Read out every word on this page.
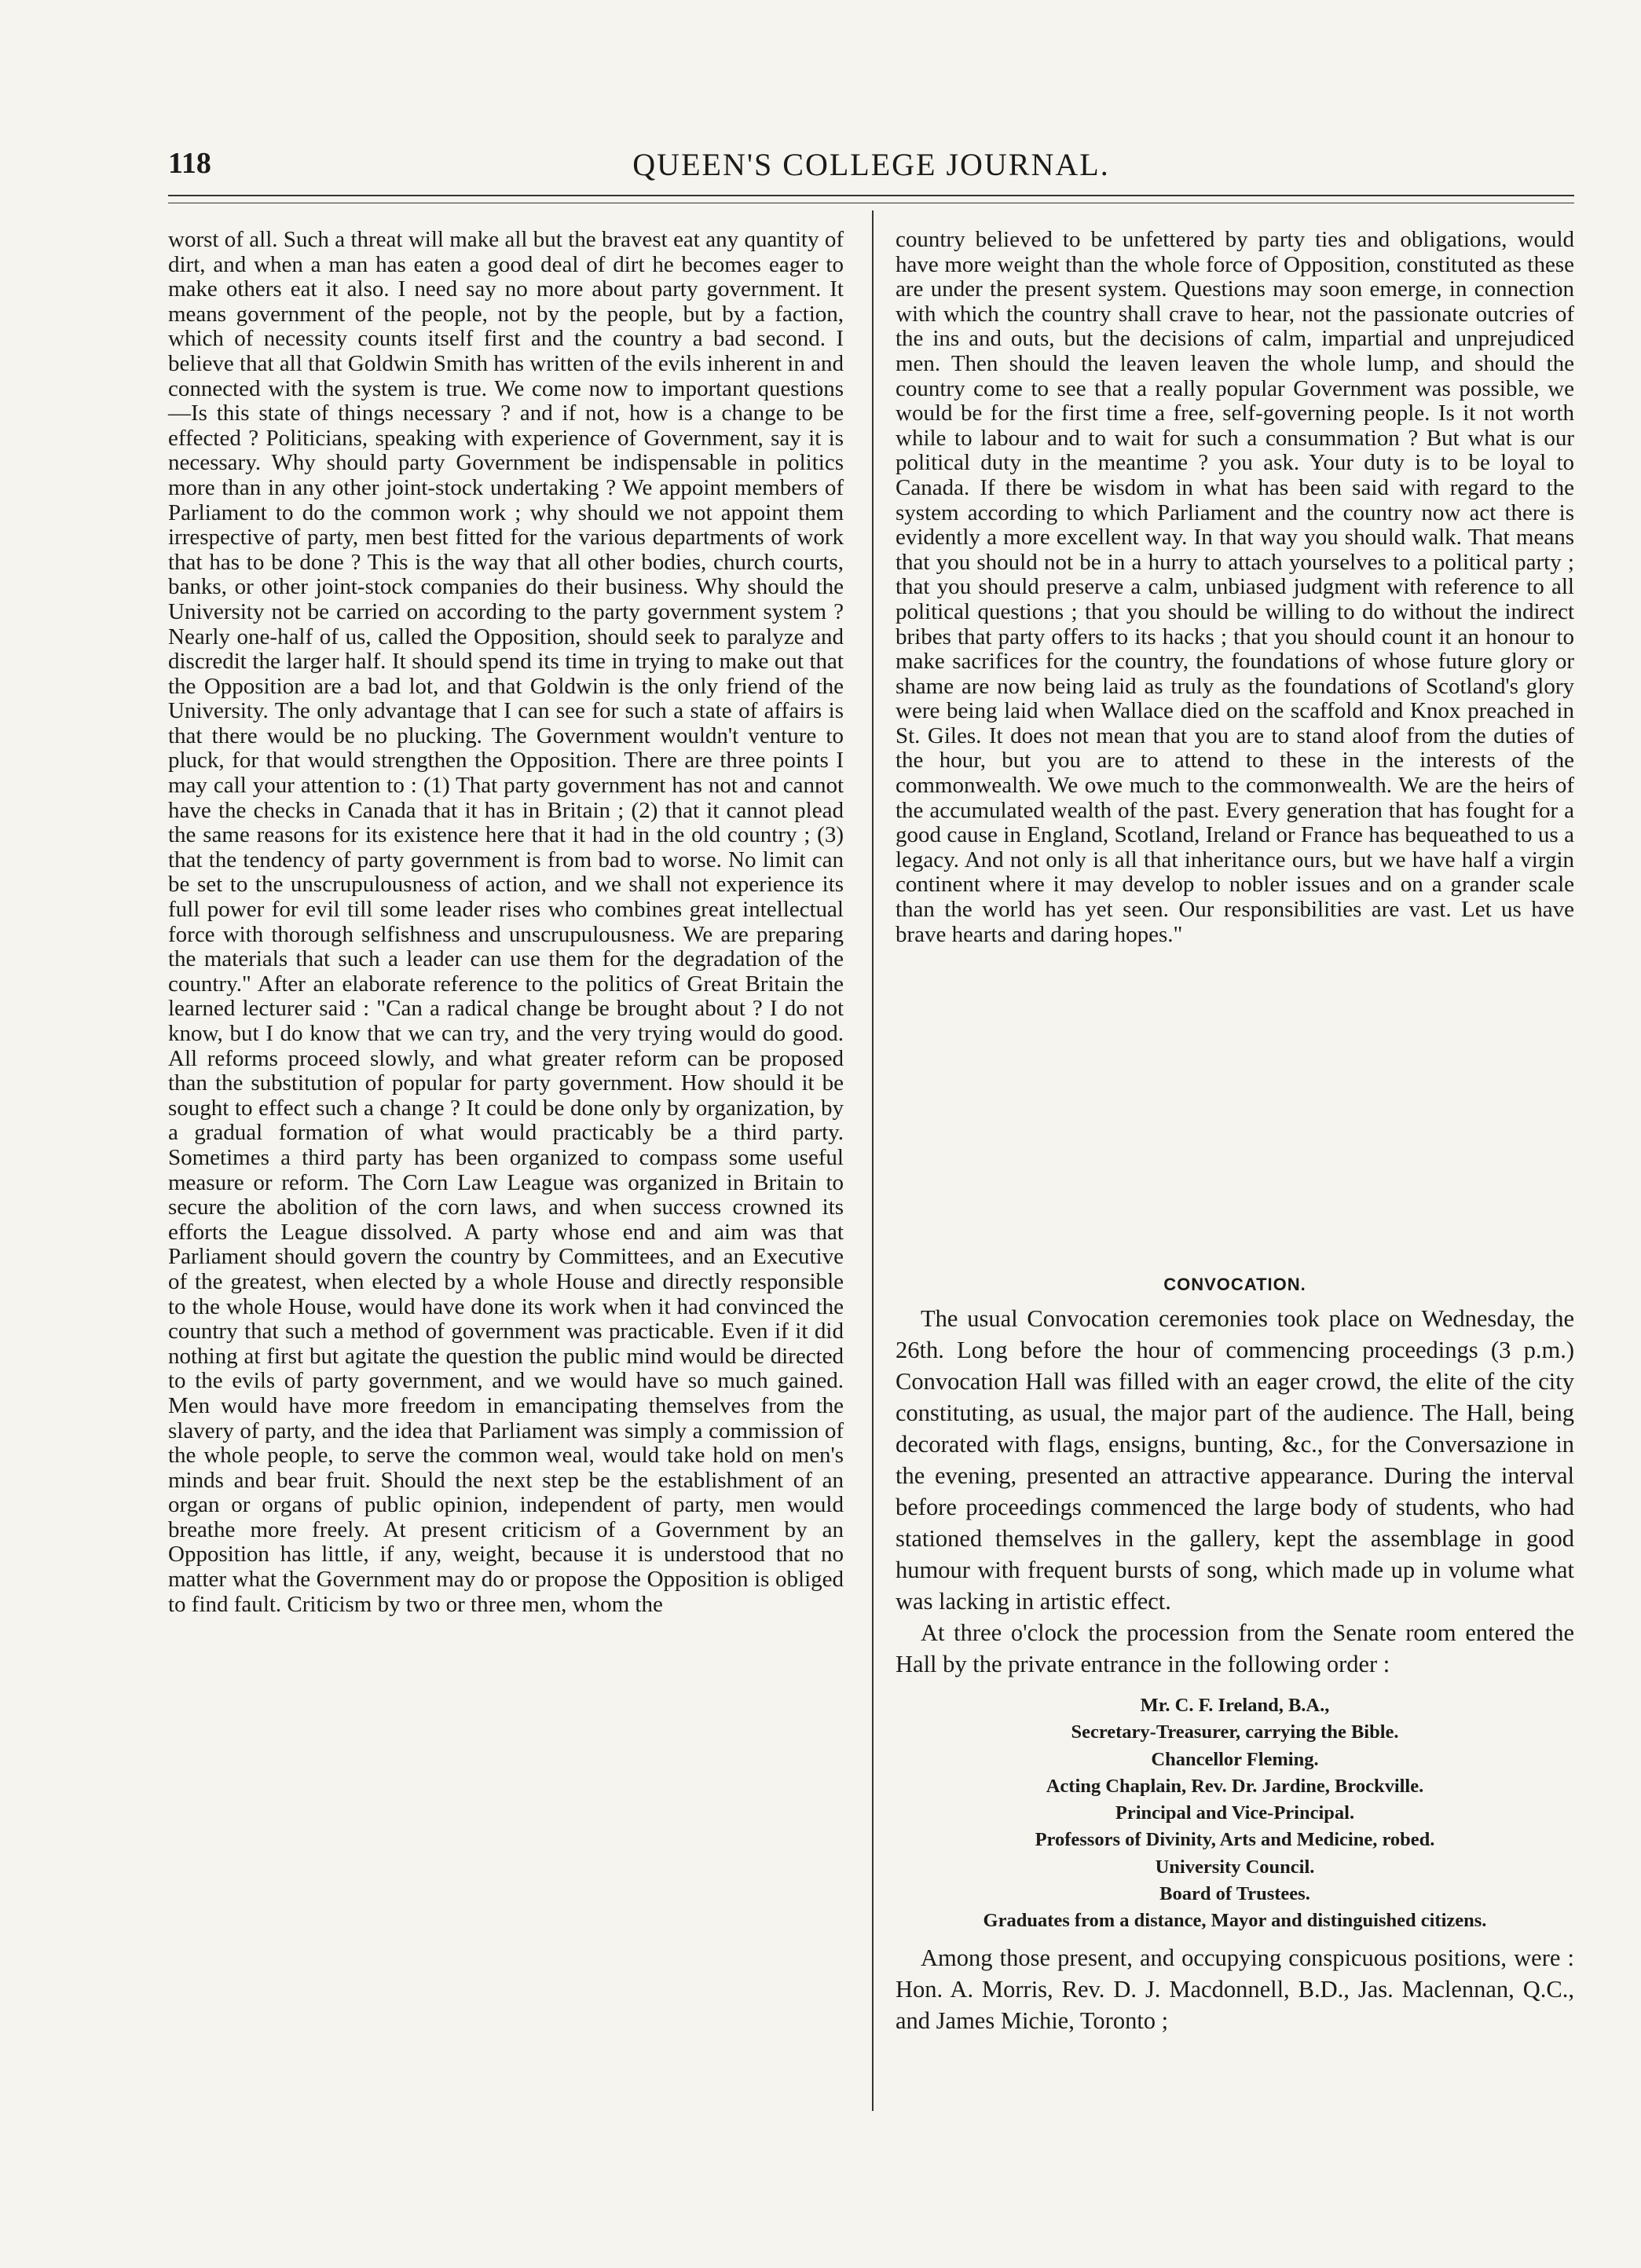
118	QUEEN'S COLLEGE JOURNAL.

worst of all. Such a threat will make all but the bravest eat any quantity of dirt, and when a man has eaten a good deal of dirt he becomes eager to make others eat it also. I need say no more about party government. It means government of the people, not by the people, but by a faction, which of necessity counts itself first and the country a bad second. I believe that all that Goldwin Smith has written of the evils inherent in and connected with the system is true. We come now to important questions—Is this state of things necessary ? and if not, how is a change to be effected ? Politicians, speaking with experience of Government, say it is necessary. Why should party Government be indispensable in politics more than in any other joint-stock undertaking ? We appoint members of Parliament to do the common work ; why should we not appoint them irrespective of party, men best fitted for the various departments of work that has to be done ? This is the way that all other bodies, church courts, banks, or other joint-stock companies do their business. Why should the University not be carried on according to the party government system ? Nearly one-half of us, called the Opposition, should seek to paralyze and discredit the larger half. It should spend its time in trying to make out that the Opposition are a bad lot, and that Goldwin is the only friend of the University. The only advantage that I can see for such a state of affairs is that there would be no plucking. The Government wouldn't venture to pluck, for that would strengthen the Opposition. There are three points I may call your attention to : (1) That party government has not and cannot have the checks in Canada that it has in Britain ; (2) that it cannot plead the same reasons for its existence here that it had in the old country ; (3) that the tendency of party government is from bad to worse. No limit can be set to the unscrupulousness of action, and we shall not experience its full power for evil till some leader rises who combines great intellectual force with thorough selfishness and unscrupulousness. We are preparing the materials that such a leader can use them for the degradation of the country." After an elaborate reference to the politics of Great Britain the learned lecturer said : "Can a radical change be brought about ? I do not know, but I do know that we can try, and the very trying would do good. All reforms proceed slowly, and what greater reform can be proposed than the substitution of popular for party government. How should it be sought to effect such a change ? It could be done only by organization, by a gradual formation of what would practicably be a third party. Sometimes a third party has been organized to compass some useful measure or reform. The Corn Law League was organized in Britain to secure the abolition of the corn laws, and when success crowned its efforts the League dissolved. A party whose end and aim was that Parliament should govern the country by Committees, and an Executive of the greatest, when elected by a whole House and directly responsible to the whole House, would have done its work when it had convinced the country that such a method of government was practicable. Even if it did nothing at first but agitate the question the public mind would be directed to the evils of party government, and we would have so much gained. Men would have more freedom in emancipating themselves from the slavery of party, and the idea that Parliament was simply a commission of the whole people, to serve the common weal, would take hold on men's minds and bear fruit. Should the next step be the establishment of an organ or organs of public opinion, independent of party, men would breathe more freely. At present criticism of a Government by an Opposition has little, if any, weight, because it is understood that no matter what the Government may do or propose the Opposition is obliged to find fault. Criticism by two or three men, whom the

country believed to be unfettered by party ties and obligations, would have more weight than the whole force of Opposition, constituted as these are under the present system. Questions may soon emerge, in connection with which the country shall crave to hear, not the passionate outcries of the ins and outs, but the decisions of calm, impartial and unprejudiced men. Then should the leaven leaven the whole lump, and should the country come to see that a really popular Government was possible, we would be for the first time a free, self-governing people. Is it not worth while to labour and to wait for such a consummation ? But what is our political duty in the meantime ? you ask. Your duty is to be loyal to Canada. If there be wisdom in what has been said with regard to the system according to which Parliament and the country now act there is evidently a more excellent way. In that way you should walk. That means that you should not be in a hurry to attach yourselves to a political party ; that you should preserve a calm, unbiased judgment with reference to all political questions ; that you should be willing to do without the indirect bribes that party offers to its hacks ; that you should count it an honour to make sacrifices for the country, the foundations of whose future glory or shame are now being laid as truly as the foundations of Scotland's glory were being laid when Wallace died on the scaffold and Knox preached in St. Giles. It does not mean that you are to stand aloof from the duties of the hour, but you are to attend to these in the interests of the commonwealth. We owe much to the commonwealth. We are the heirs of the accumulated wealth of the past. Every generation that has fought for a good cause in England, Scotland, Ireland or France has bequeathed to us a legacy. And not only is all that inheritance ours, but we have half a virgin continent where it may develop to nobler issues and on a grander scale than the world has yet seen. Our responsibilities are vast. Let us have brave hearts and daring hopes."

CONVOCATION.

The usual Convocation ceremonies took place on Wednesday, the 26th. Long before the hour of commencing proceedings (3 p.m.) Convocation Hall was filled with an eager crowd, the elite of the city constituting, as usual, the major part of the audience. The Hall, being decorated with flags, ensigns, bunting, &c., for the Conversazione in the evening, presented an attractive appearance. During the interval before proceedings commenced the large body of students, who had stationed themselves in the gallery, kept the assemblage in good humour with frequent bursts of song, which made up in volume what was lacking in artistic effect.

At three o'clock the procession from the Senate room entered the Hall by the private entrance in the following order :

Mr. C. F. Ireland, B.A.,
Secretary-Treasurer, carrying the Bible.
Chancellor Fleming.
Acting Chaplain, Rev. Dr. Jardine, Brockville.
Principal and Vice-Principal.
Professors of Divinity, Arts and Medicine, robed.
University Council.
Board of Trustees.
Graduates from a distance, Mayor and distinguished citizens.

Among those present, and occupying conspicuous positions, were : Hon. A. Morris, Rev. D. J. Macdonnell, B.D., Jas. Maclennan, Q.C., and James Michie, Toronto ;
